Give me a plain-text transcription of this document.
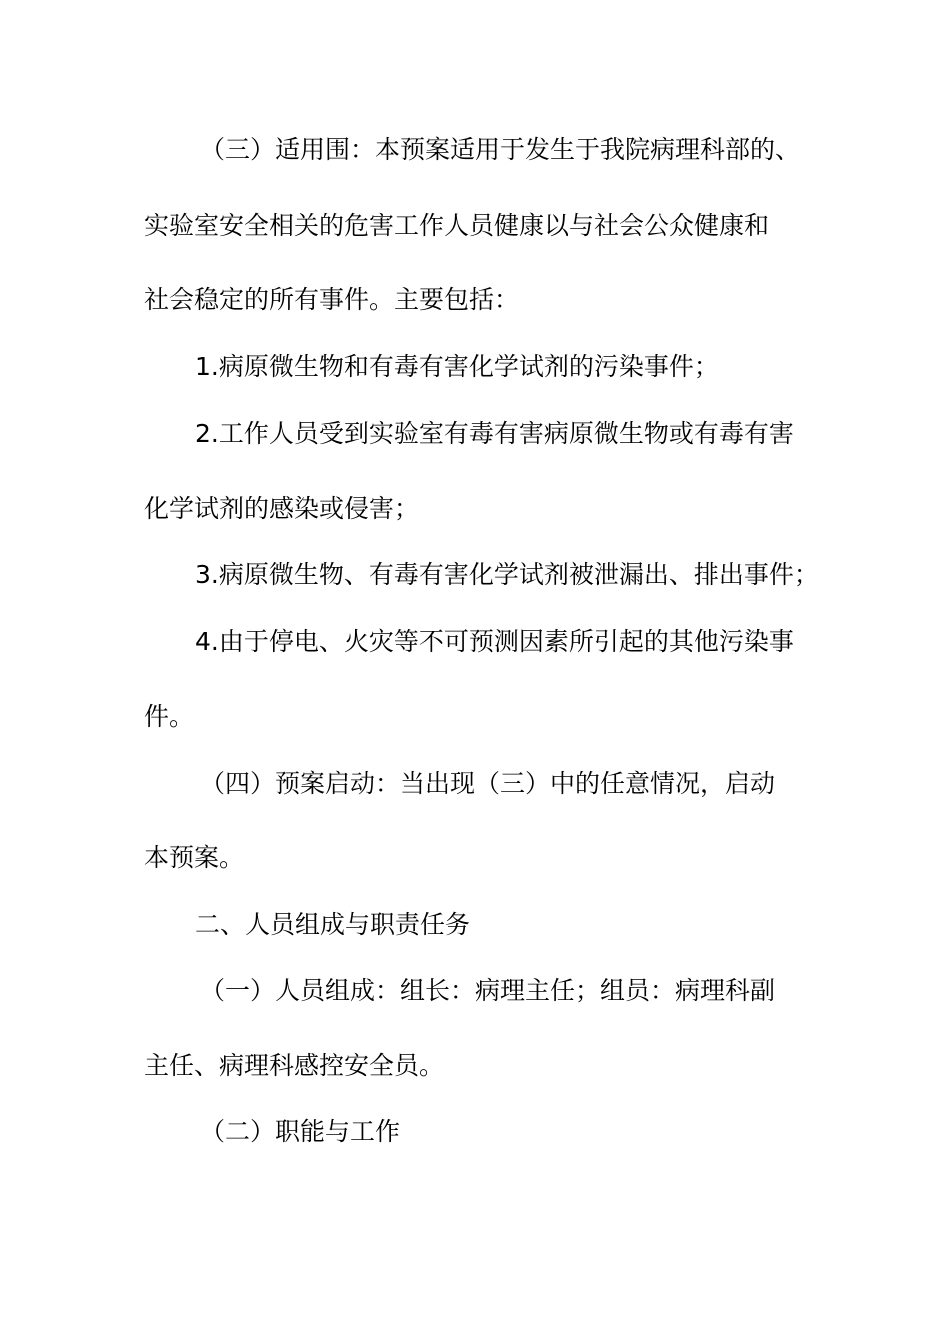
（三）适用围：本预案适用于发生于我院病理科部的、
实验室安全相关的危害工作人员健康以与社会公众健康和
社会稳定的所有事件。主要包括：
1.病原微生物和有毒有害化学试剂的污染事件；
2.工作人员受到实验室有毒有害病原微生物或有毒有害
化学试剂的感染或侵害；
3.病原微生物、有毒有害化学试剂被泄漏出、排出事件；
4.由于停电、火灾等不可预测因素所引起的其他污染事
件。
（四）预案启动：当出现（三）中的任意情况，启动
本预案。
二、人员组成与职责任务
（一）人员组成：组长：病理主任；组员：病理科副
主任、病理科感控安全员。
（二）职能与工作
